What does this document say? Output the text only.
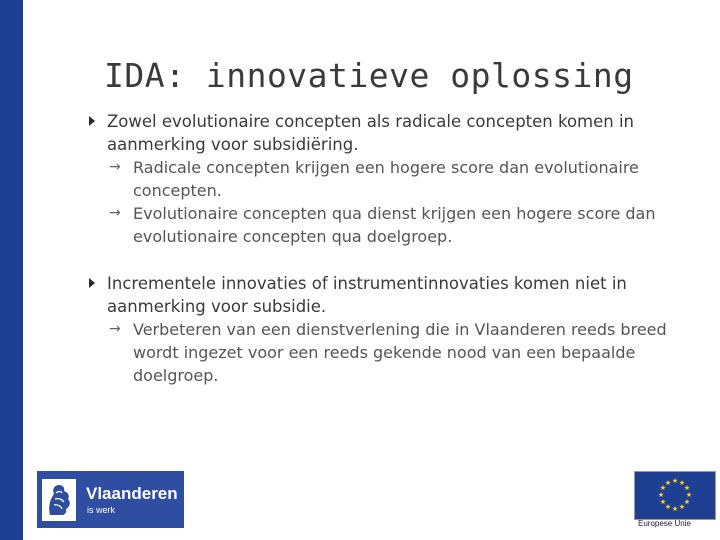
IDA: innovatieve oplossing
Zowel evolutionaire concepten als radicale concepten komen in aanmerking voor subsidiëring.
→ Radicale concepten krijgen een hogere score dan evolutionaire concepten.
→ Evolutionaire concepten qua dienst krijgen een hogere score dan evolutionaire concepten qua doelgroep.
Incrementele innovaties of instrumentinnovaties komen niet in aanmerking voor subsidie.
→ Verbeteren van een dienstverlening die in Vlaanderen reeds breed wordt ingezet voor een reeds gekende nood van een bepaalde doelgroep.
Vlaanderen
is werk
★ ★
★
★
★
★
★
★
★
★
★
★
Europese Unie
